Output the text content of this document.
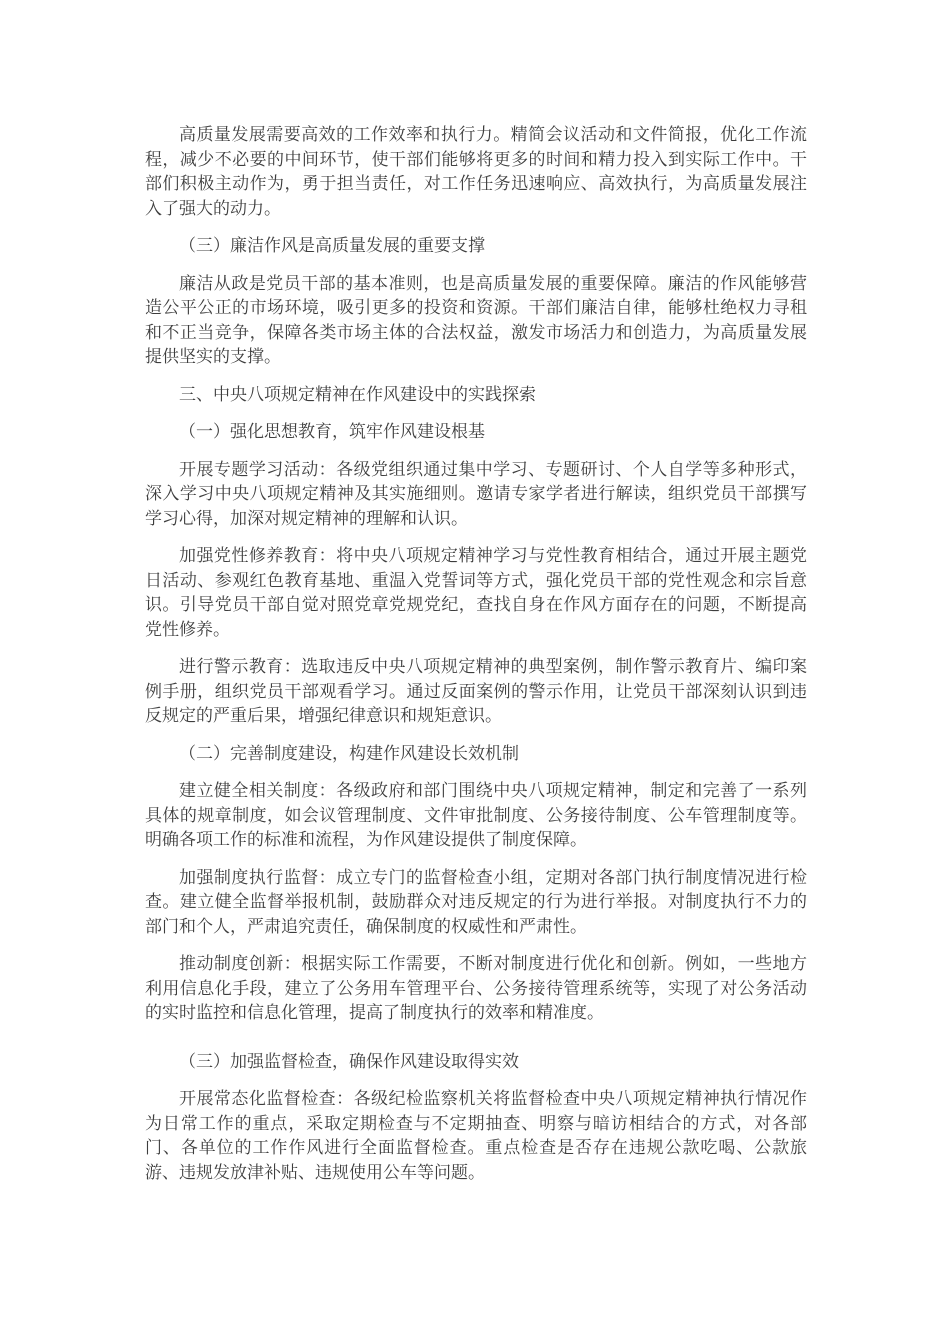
高质量发展需要高效的工作效率和执行力。精简会议活动和文件简报，优化工作流程，减少不必要的中间环节，使干部们能够将更多的时间和精力投入到实际工作中。干部们积极主动作为，勇于担当责任，对工作任务迅速响应、高效执行，为高质量发展注入了强大的动力。

（三）廉洁作风是高质量发展的重要支撑

廉洁从政是党员干部的基本准则，也是高质量发展的重要保障。廉洁的作风能够营造公平公正的市场环境，吸引更多的投资和资源。干部们廉洁自律，能够杜绝权力寻租和不正当竞争，保障各类市场主体的合法权益，激发市场活力和创造力，为高质量发展提供坚实的支撑。

三、中央八项规定精神在作风建设中的实践探索
（一）强化思想教育，筑牢作风建设根基

开展专题学习活动：各级党组织通过集中学习、专题研讨、个人自学等多种形式，深入学习中央八项规定精神及其实施细则。邀请专家学者进行解读，组织党员干部撰写学习心得，加深对规定精神的理解和认识。

加强党性修养教育：将中央八项规定精神学习与党性教育相结合，通过开展主题党日活动、参观红色教育基地、重温入党誓词等方式，强化党员干部的党性观念和宗旨意识。引导党员干部自觉对照党章党规党纪，查找自身在作风方面存在的问题，不断提高党性修养。

进行警示教育：选取违反中央八项规定精神的典型案例，制作警示教育片、编印案例手册，组织党员干部观看学习。通过反面案例的警示作用，让党员干部深刻认识到违反规定的严重后果，增强纪律意识和规矩意识。

（二）完善制度建设，构建作风建设长效机制

建立健全相关制度：各级政府和部门围绕中央八项规定精神，制定和完善了一系列具体的规章制度，如会议管理制度、文件审批制度、公务接待制度、公车管理制度等。明确各项工作的标准和流程，为作风建设提供了制度保障。

加强制度执行监督：成立专门的监督检查小组，定期对各部门执行制度情况进行检查。建立健全监督举报机制，鼓励群众对违反规定的行为进行举报。对制度执行不力的部门和个人，严肃追究责任，确保制度的权威性和严肃性。

推动制度创新：根据实际工作需要，不断对制度进行优化和创新。例如，一些地方利用信息化手段，建立了公务用车管理平台、公务接待管理系统等，实现了对公务活动的实时监控和信息化管理，提高了制度执行的效率和精准度。

（三）加强监督检查，确保作风建设取得实效

开展常态化监督检查：各级纪检监察机关将监督检查中央八项规定精神执行情况作为日常工作的重点，采取定期检查与不定期抽查、明察与暗访相结合的方式，对各部门、各单位的工作作风进行全面监督检查。重点检查是否存在违规公款吃喝、公款旅游、违规发放津补贴、违规使用公车等问题。
